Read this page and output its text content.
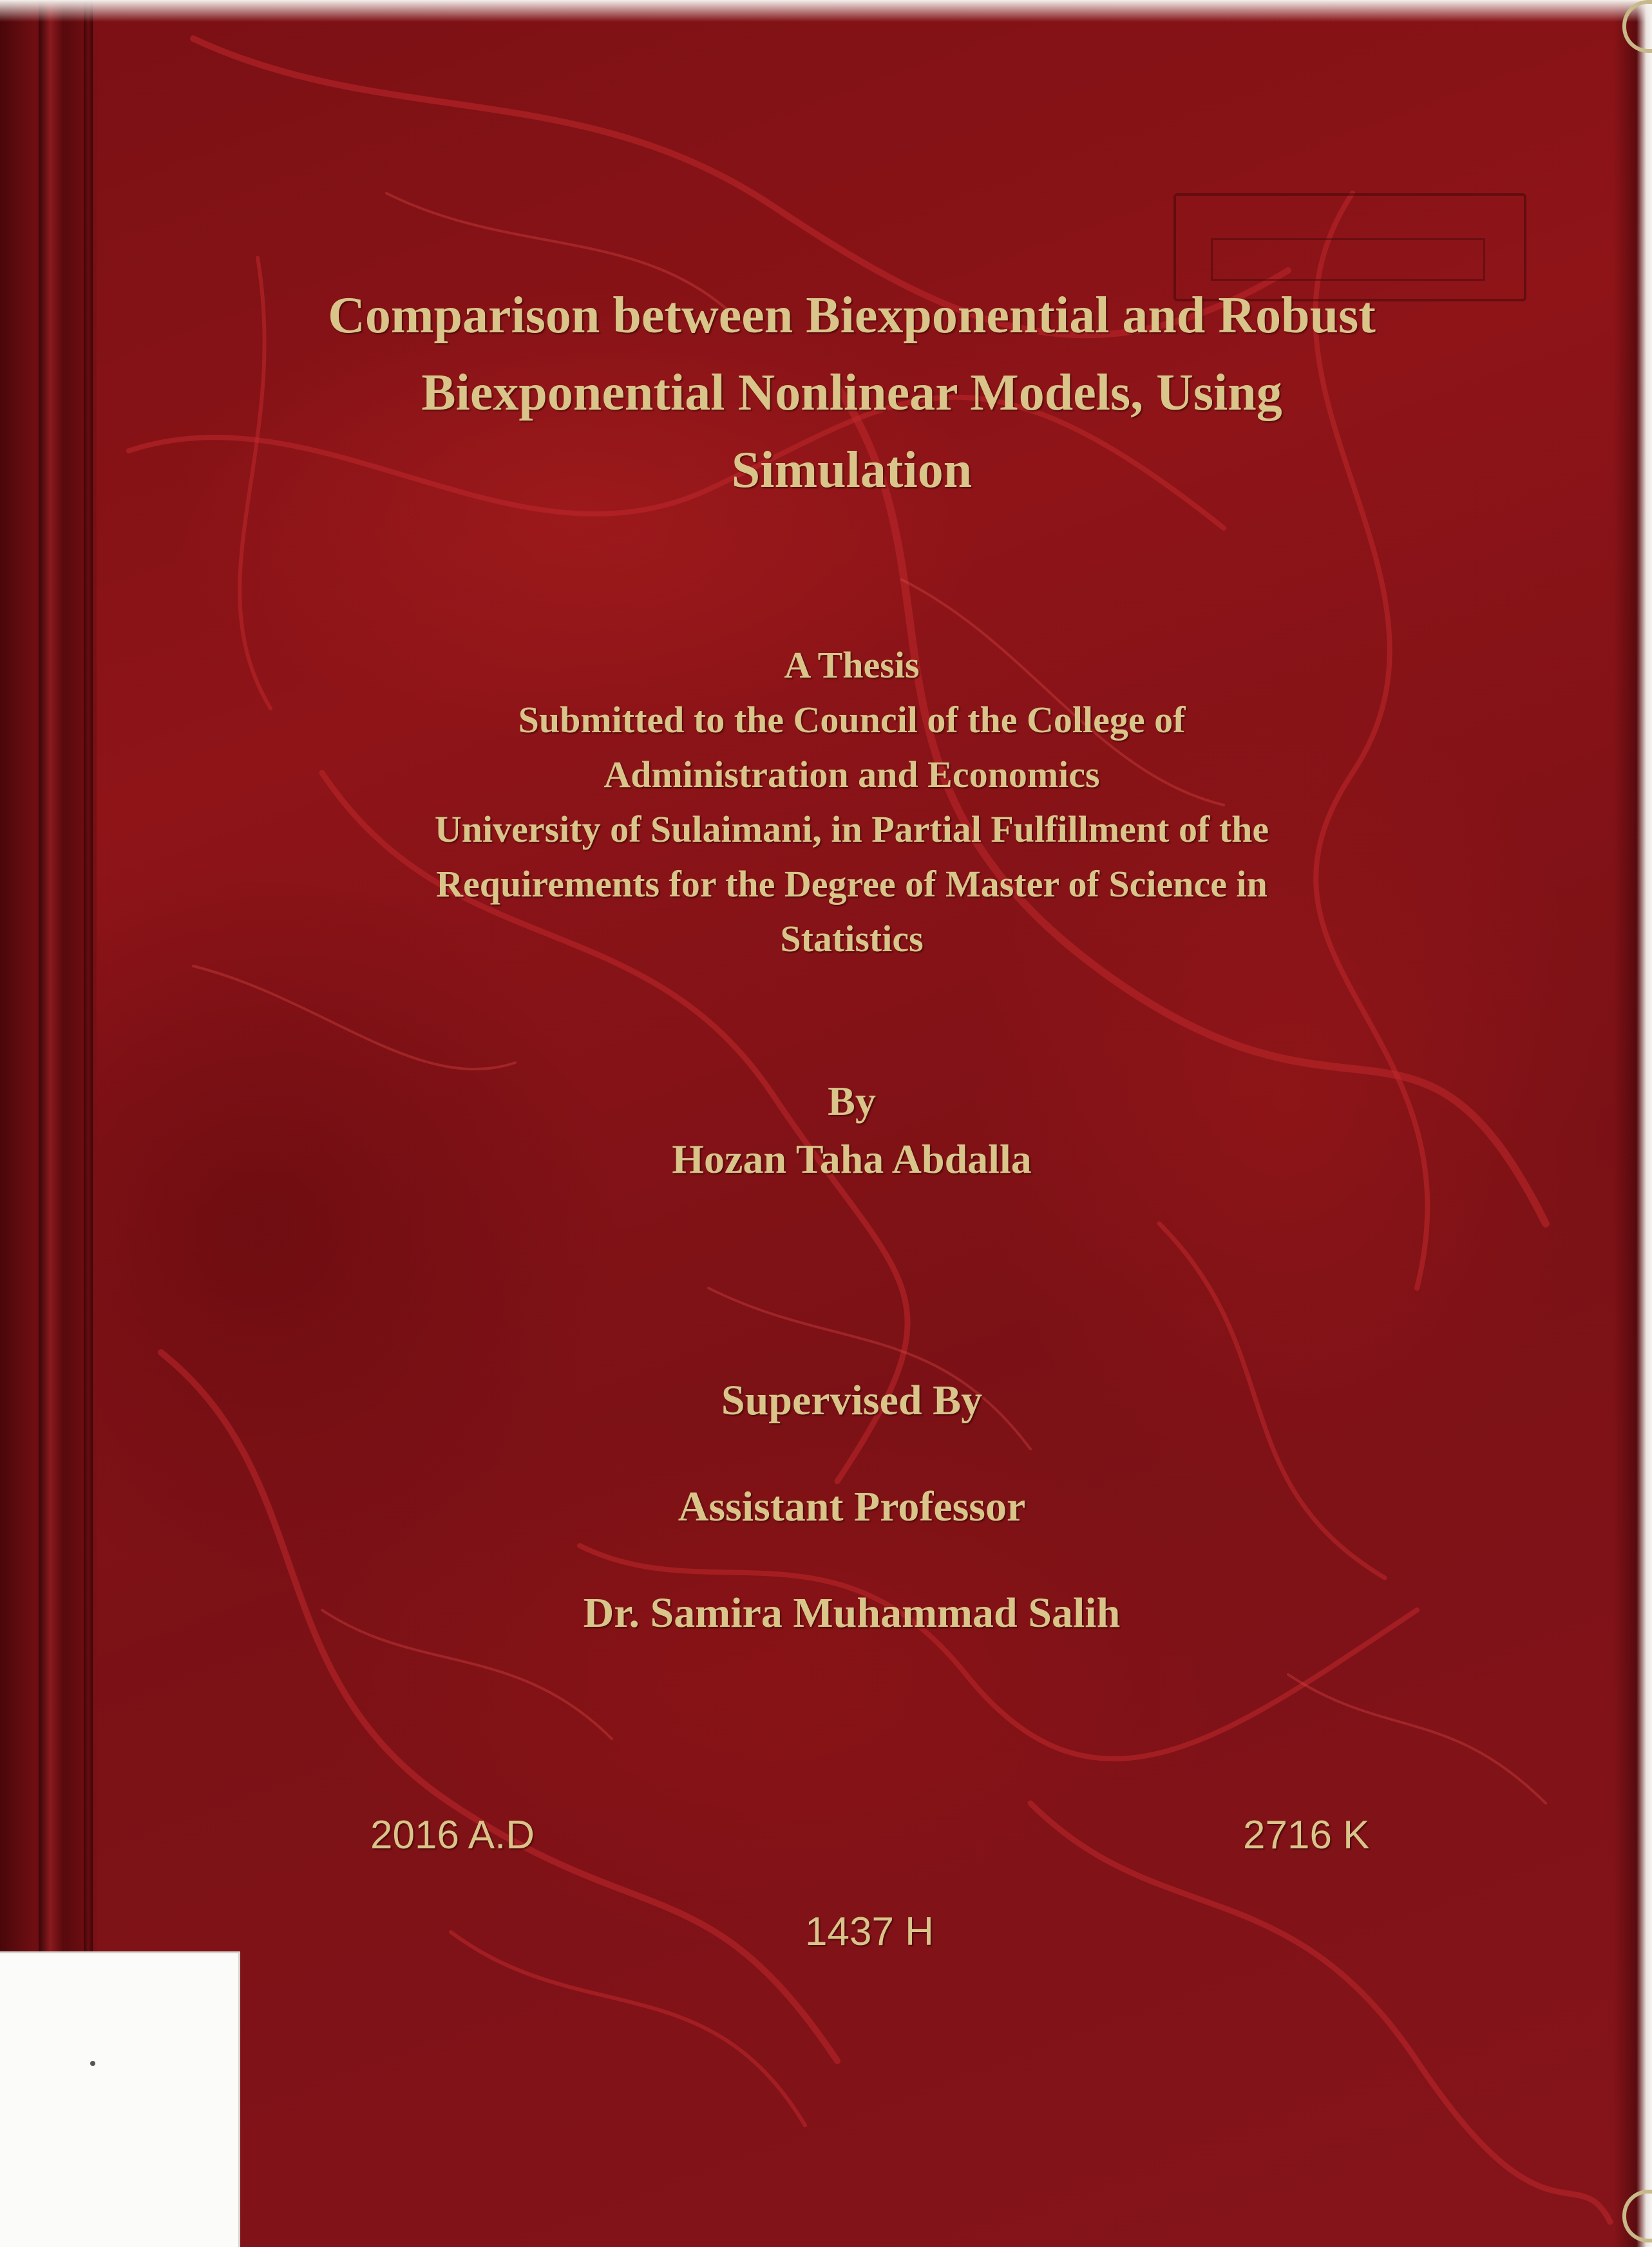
Comparison between Biexponential and Robust
Biexponential Nonlinear Models, Using
Simulation
A Thesis
Submitted to the Council of the College of
Administration and Economics
University of Sulaimani, in Partial Fulfillment of the
Requirements for the Degree of Master of Science in
Statistics
By
Hozan Taha Abdalla
Supervised By
Assistant Professor
Dr. Samira Muhammad Salih
2016 A.D	2716 K
1437 H
